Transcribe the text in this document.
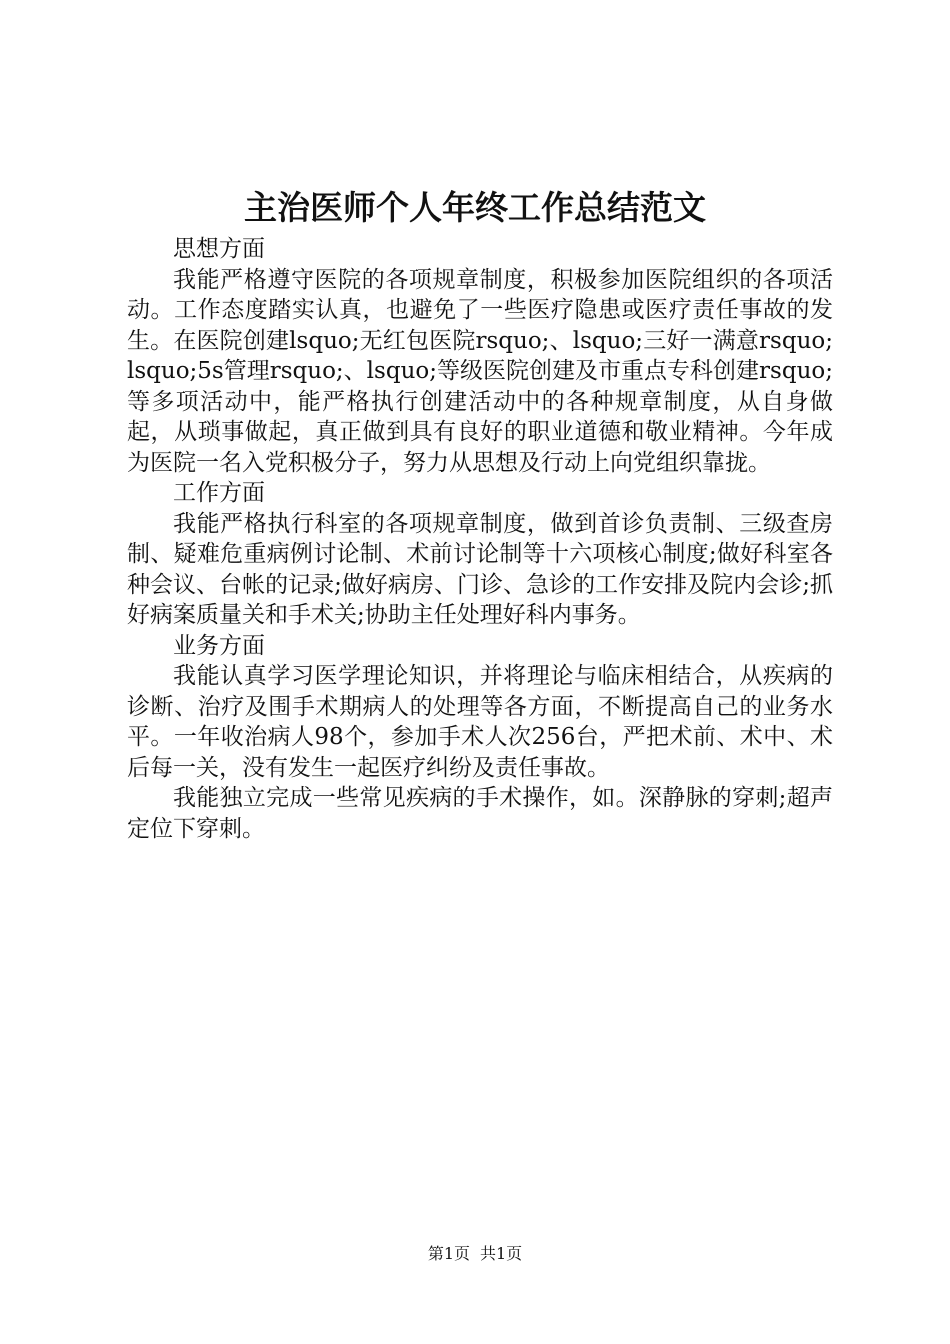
主治医师个人年终工作总结范文

思想方面

我能严格遵守医院的各项规章制度，积极参加医院组织的各项活动。工作态度踏实认真，也避免了一些医疗隐患或医疗责任事故的发生。在医院创建lsquo;无红包医院rsquo;、lsquo;三好一满意rsquo;lsquo;5s管理rsquo;、lsquo;等级医院创建及市重点专科创建rsquo;等多项活动中，能严格执行创建活动中的各种规章制度，从自身做起，从琐事做起，真正做到具有良好的职业道德和敬业精神。今年成为医院一名入党积极分子，努力从思想及行动上向党组织靠拢。

工作方面

我能严格执行科室的各项规章制度，做到首诊负责制、三级查房制、疑难危重病例讨论制、术前讨论制等十六项核心制度;做好科室各种会议、台帐的记录;做好病房、门诊、急诊的工作安排及院内会诊;抓好病案质量关和手术关;协助主任处理好科内事务。

业务方面

我能认真学习医学理论知识，并将理论与临床相结合，从疾病的诊断、治疗及围手术期病人的处理等各方面，不断提高自己的业务水平。一年收治病人98个，参加手术人次256台，严把术前、术中、术后每一关，没有发生一起医疗纠纷及责任事故。

我能独立完成一些常见疾病的手术操作，如。深静脉的穿刺;超声定位下穿刺。

第1页 共1页
